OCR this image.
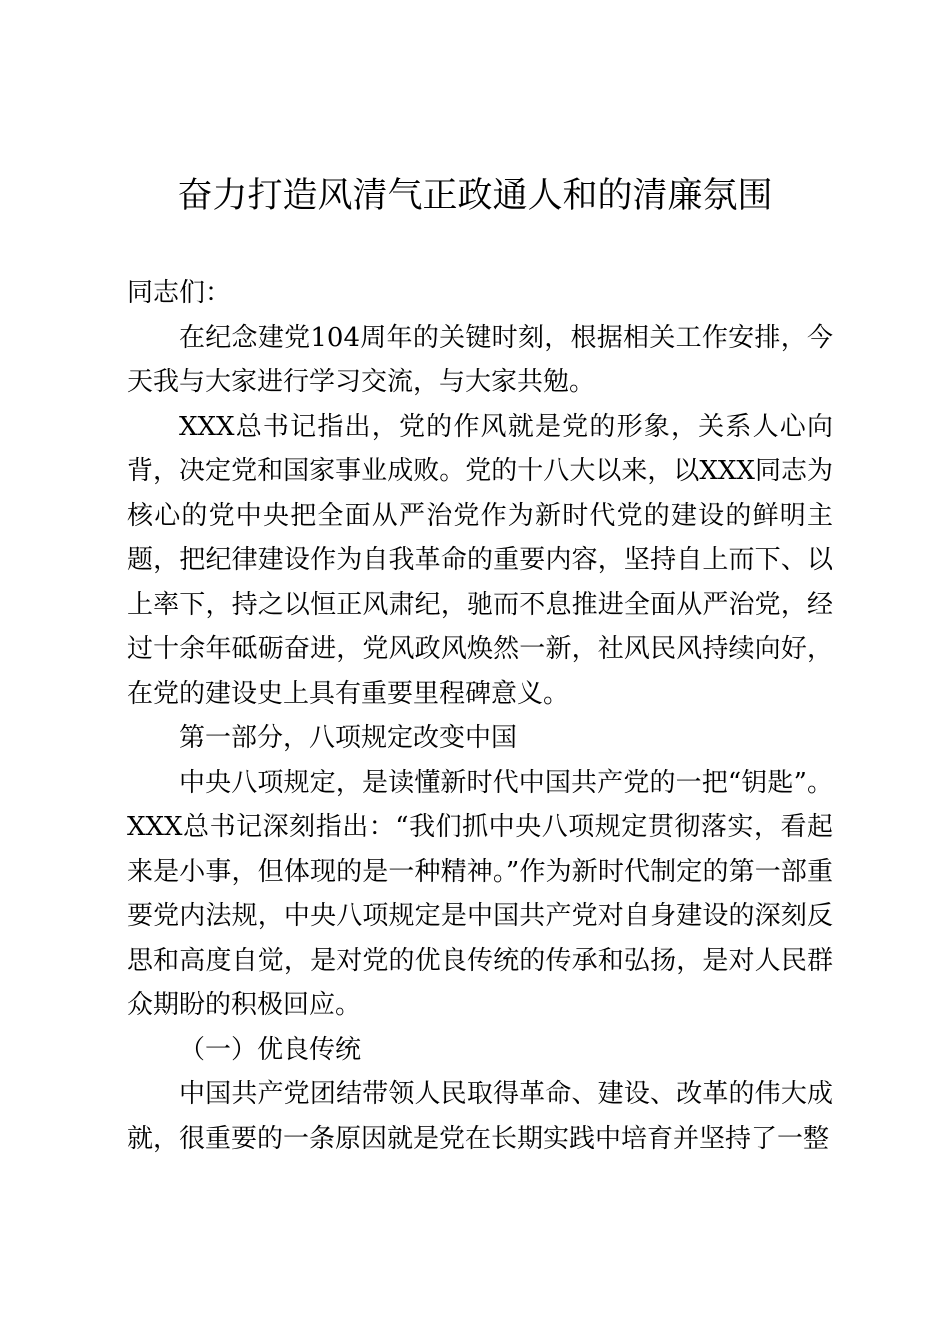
奋力打造风清气正政通人和的清廉氛围

同志们：

在纪念建党104周年的关键时刻，根据相关工作安排，今天我与大家进行学习交流，与大家共勉。

XXX总书记指出，党的作风就是党的形象，关系人心向背，决定党和国家事业成败。党的十八大以来，以XXX同志为核心的党中央把全面从严治党作为新时代党的建设的鲜明主题，把纪律建设作为自我革命的重要内容，坚持自上而下、以上率下，持之以恒正风肃纪，驰而不息推进全面从严治党，经过十余年砥砺奋进，党风政风焕然一新，社风民风持续向好，在党的建设史上具有重要里程碑意义。

第一部分，八项规定改变中国

中央八项规定，是读懂新时代中国共产党的一把“钥匙”。XXX总书记深刻指出：“我们抓中央八项规定贯彻落实，看起来是小事，但体现的是一种精神。”作为新时代制定的第一部重要党内法规，中央八项规定是中国共产党对自身建设的深刻反思和高度自觉，是对党的优良传统的传承和弘扬，是对人民群众期盼的积极回应。

（一）优良传统

中国共产党团结带领人民取得革命、建设、改革的伟大成就，很重要的一条原因就是党在长期实践中培育并坚持了一整
